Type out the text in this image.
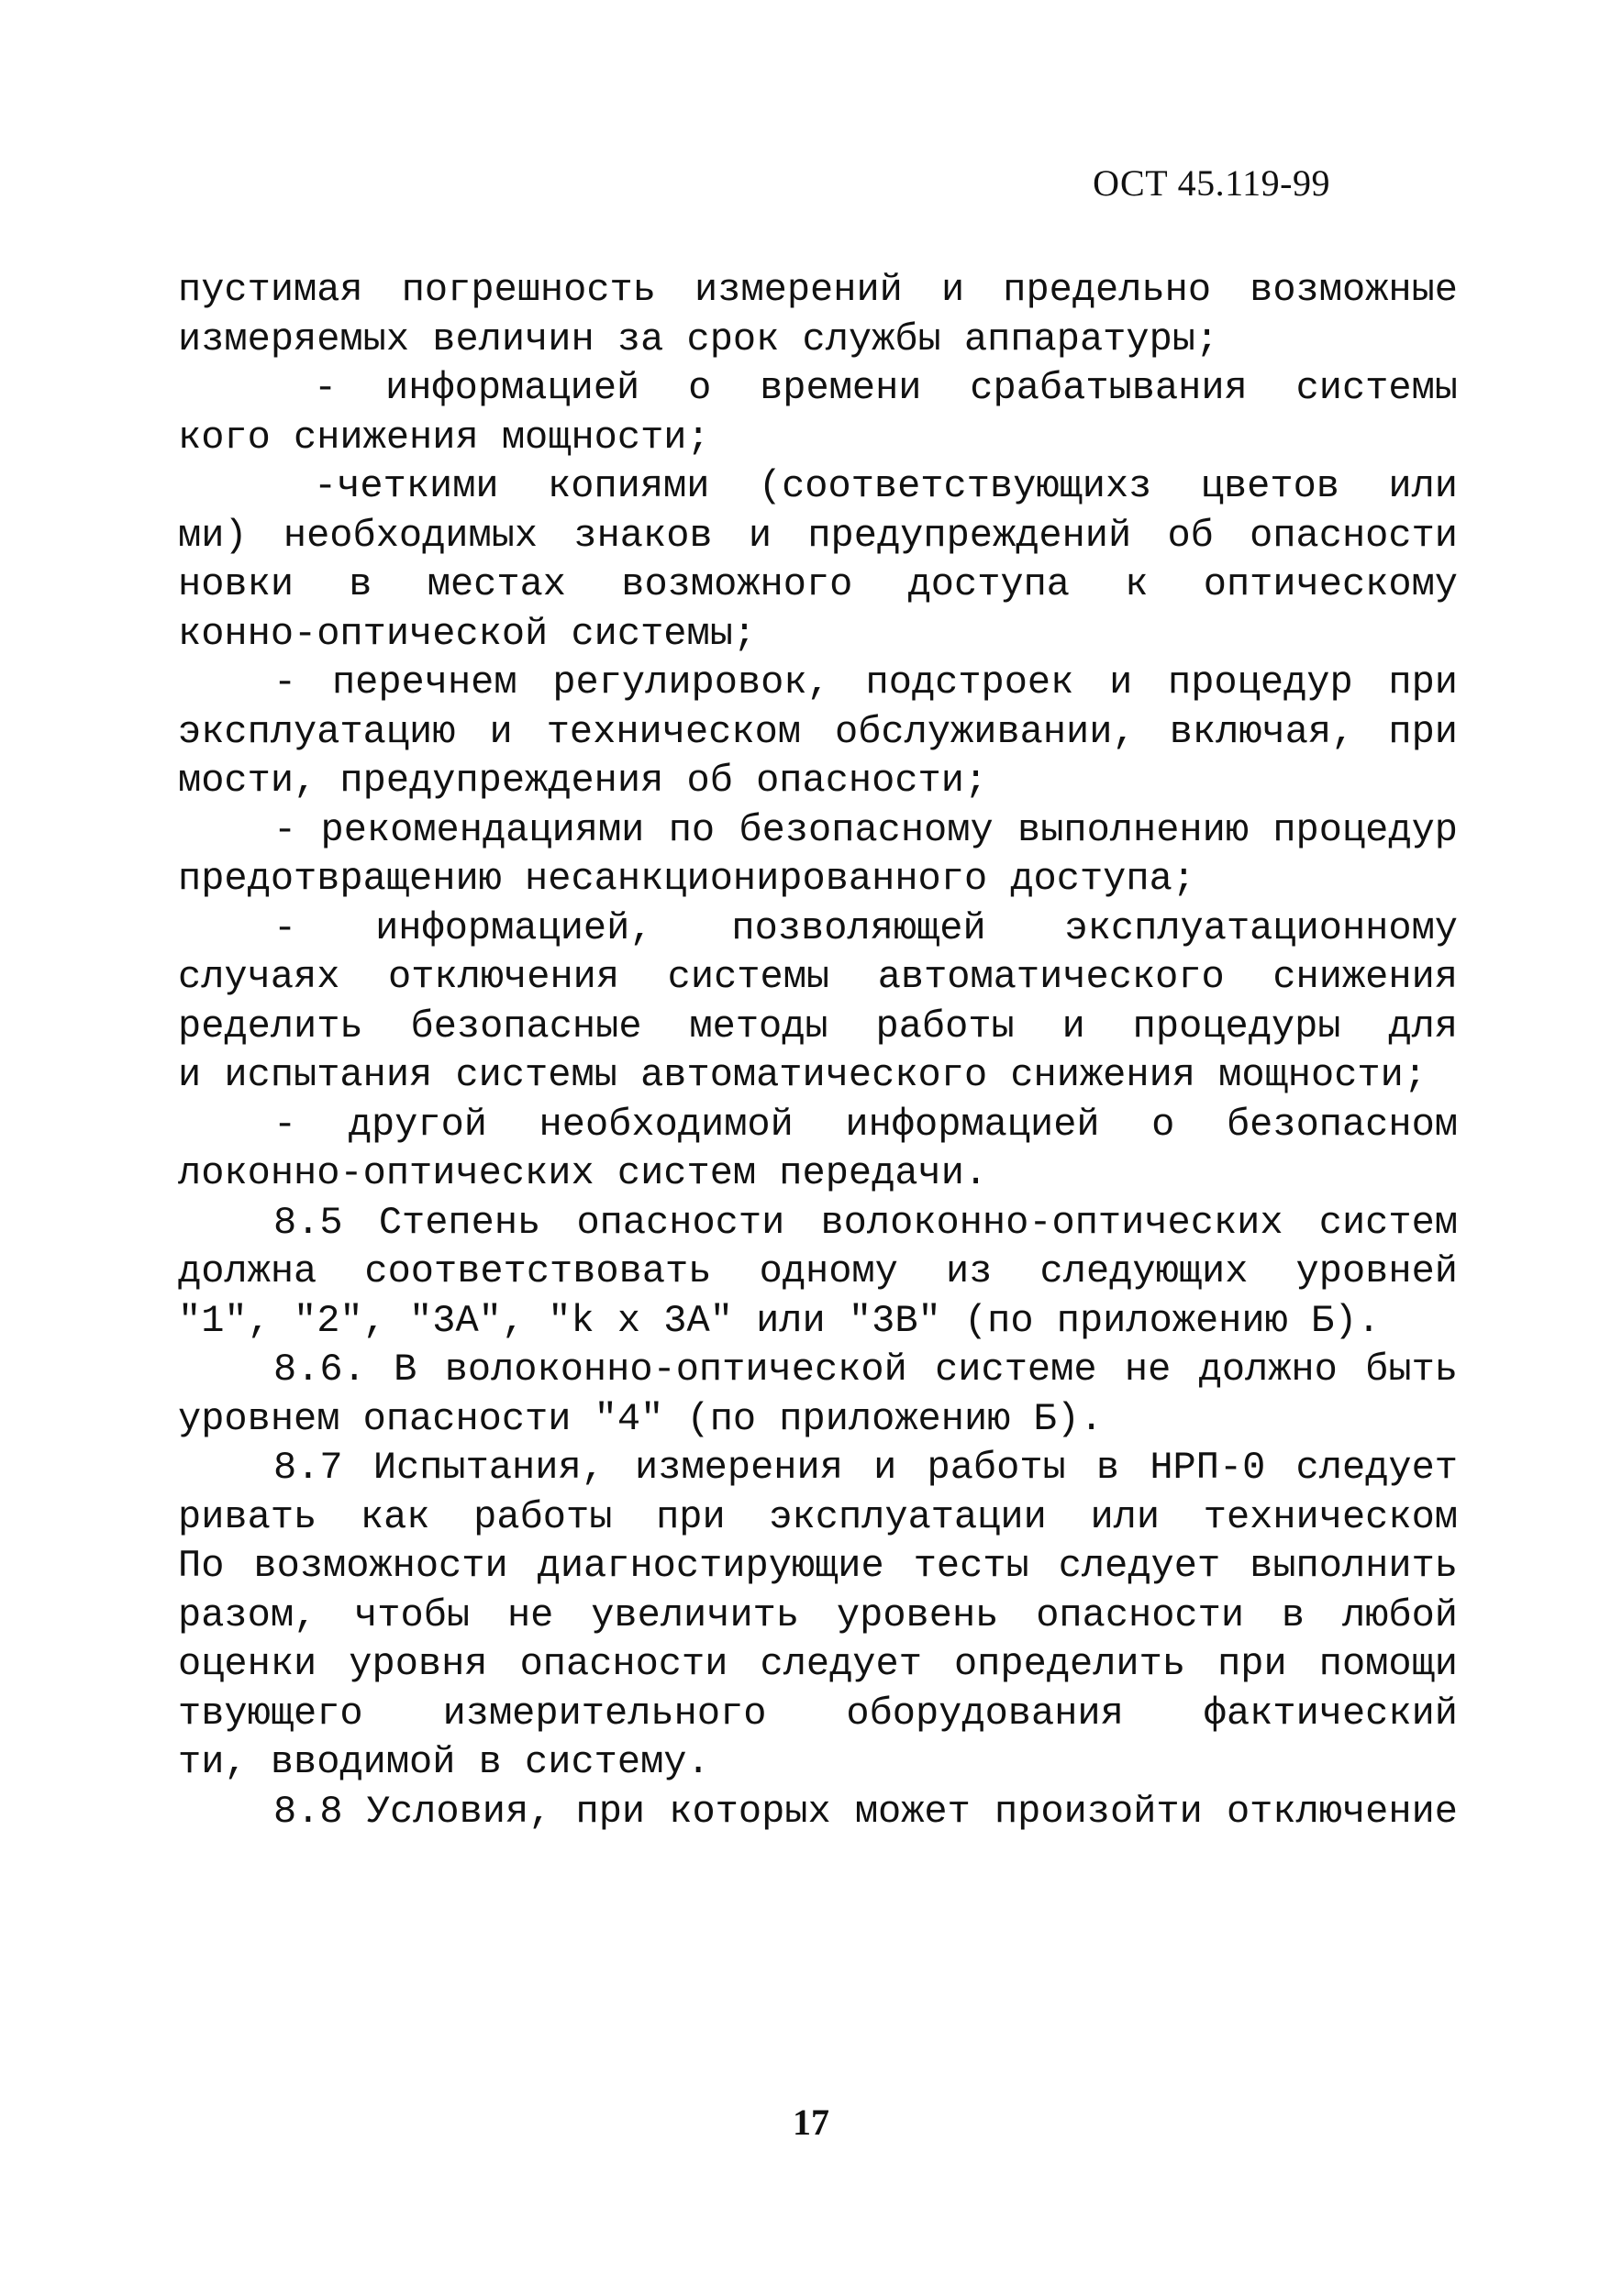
ОСТ 45.119-99
пустимая погрешность измерений и предельно возможные
измеряемых величин за срок службы аппаратуры;
- информацией о времени срабатывания системы
кого снижения мощности;
-четкими копиями (соответствующихз цветов или
ми) необходимых знаков и предупреждений об опасности
новки в местах возможного доступа к оптическому
конно-оптической системы;
- перечнем регулировок, подстроек и процедур при
эксплуатацию и техническом обслуживании, включая, при
мости, предупреждения об опасности;
- рекомендациями по безопасному выполнению процедур
предотвращению несанкционированного доступа;
- информацией, позволяющей эксплуатационному
случаях отключения системы автоматического снижения
ределить безопасные методы работы и процедуры для
и испытания системы автоматического снижения мощности;
- другой необходимой информацией о безопасном
локонно-оптических систем передачи.
8.5 Степень опасности волоконно-оптических систем
должна соответствовать одному из следующих уровней
"1", "2", "3А", "k х 3А" или "3В" (по приложению Б).
8.6. В волоконно-оптической системе не должно быть
уровнем опасности "4" (по приложению Б).
8.7 Испытания, измерения и работы в НРП-0 следует
ривать как работы при эксплуатации или техническом
По возможности диагностирующие тесты следует выполнить
разом, чтобы не увеличить уровень опасности в любой
оценки уровня опасности следует определить при помощи
твующего измерительного оборудования фактический
ти, вводимой в систему.
8.8 Условия, при которых может произойти отключение
17
